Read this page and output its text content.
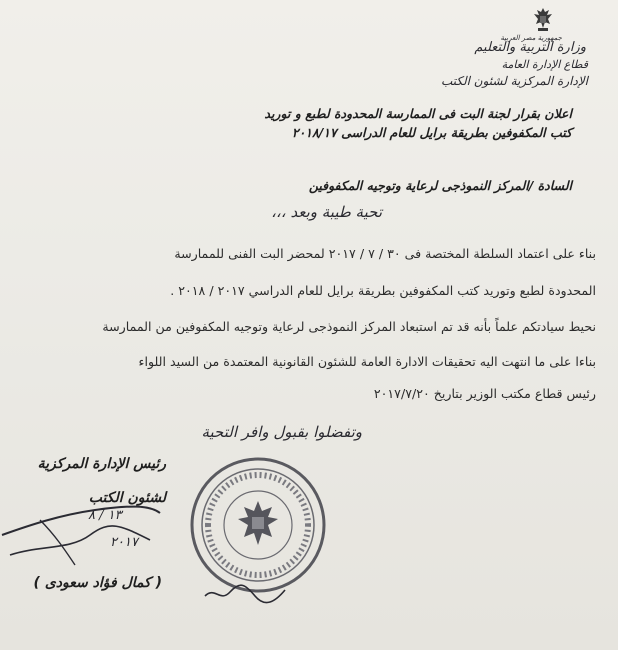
جمهورية مصر العربية
وزارة التربية والتعليم
قطاع الإدارة العامة
الإدارة المركزية لشئون الكتب
اعلان بقرار لجنة البت فى الممارسة المحدودة لطبع و توريد
كتب المكفوفين بطريقة برايل للعام الدراسى ٢٠١٨/١٧
السادة /المركز النموذجى لرعاية وتوجيه المكفوفين
تحية طيبة وبعد ،،،
بناء على اعتماد السلطة المختصة فى ٣٠ / ٧ / ٢٠١٧ لمحضر البت الفنى للممارسة
المحدودة لطبع وتوريد كتب المكفوفين بطريقة برايل للعام الدراسي ٢٠١٧ / ٢٠١٨ .
نحيط سيادتكم علماً بأنه قد تم استبعاد المركز النموذجى لرعاية وتوجيه المكفوفين من الممارسة
بناءا على ما انتهت اليه تحقيقات الادارة العامة للشئون القانونية المعتمدة من السيد اللواء
رئيس قطاع مكتب الوزير بتاريخ ٢٠١٧/٧/٢٠
وتفضلوا بقبول وافر التحية
رئيس الإدارة المركزية
لشئون الكتب
( كمال فؤاد سعودى )
١٣ / ٨
٢٠١٧
